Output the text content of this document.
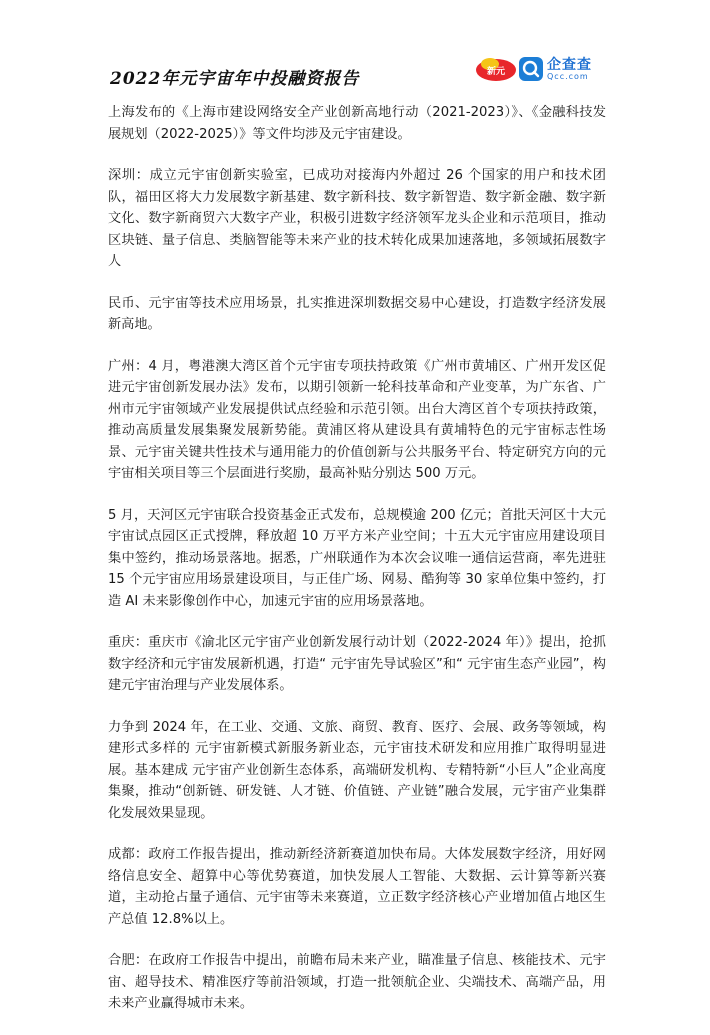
2022年元宇宙年中投融资报告	新元	企查查
Qcc.com

上海发布的《上海市建设网络安全产业创新高地行动（2021-2023）》、《金融科技发展规划（2022-2025）》等文件均涉及元宇宙建设。

深圳：成立元宇宙创新实验室，已成功对接海内外超过 26 个国家的用户和技术团队，福田区将大力发展数字新基建、数字新科技、数字新智造、数字新金融、数字新文化、数字新商贸六大数字产业，积极引进数字经济领军龙头企业和示范项目，推动区块链、量子信息、类脑智能等未来产业的技术转化成果加速落地，多领域拓展数字人

民币、元宇宙等技术应用场景，扎实推进深圳数据交易中心建设，打造数字经济发展新高地。

广州：4 月，粤港澳大湾区首个元宇宙专项扶持政策《广州市黄埔区、广州开发区促进元宇宙创新发展办法》发布，以期引领新一轮科技革命和产业变革，为广东省、广州市元宇宙领域产业发展提供试点经验和示范引领。出台大湾区首个专项扶持政策，推动高质量发展集聚发展新势能。黄浦区将从建设具有黄埔特色的元宇宙标志性场景、元宇宙关键共性技术与通用能力的价值创新与公共服务平台、特定研究方向的元宇宙相关项目等三个层面进行奖励，最高补贴分别达 500 万元。

5 月，天河区元宇宙联合投资基金正式发布，总规模逾 200 亿元；首批天河区十大元宇宙试点园区正式授牌，释放超 10 万平方米产业空间；十五大元宇宙应用建设项目集中签约，推动场景落地。据悉，广州联通作为本次会议唯一通信运营商，率先进驻 15 个元宇宙应用场景建设项目，与正佳广场、网易、酷狗等 30 家单位集中签约，打造 AI 未来影像创作中心，加速元宇宙的应用场景落地。

重庆：重庆市《渝北区元宇宙产业创新发展行动计划（2022-2024 年）》提出，抢抓数字经济和元宇宙发展新机遇，打造“ 元宇宙先导试验区”和“ 元宇宙生态产业园”，构建元宇宙治理与产业发展体系。

力争到 2024 年，在工业、交通、文旅、商贸、教育、医疗、会展、政务等领域，构建形式多样的 元宇宙新模式新服务新业态，元宇宙技术研发和应用推广取得明显进展。基本建成 元宇宙产业创新生态体系，高端研发机构、专精特新“小巨人”企业高度集聚，推动“创新链、研发链、人才链、价值链、产业链”融合发展，元宇宙产业集群化发展效果显现。

成都：政府工作报告提出，推动新经济新赛道加快布局。大体发展数字经济，用好网络信息安全、超算中心等优势赛道，加快发展人工智能、大数据、云计算等新兴赛道，主动抢占量子通信、元宇宙等未来赛道，立正数字经济核心产业增加值占地区生产总值 12.8%以上。

合肥：在政府工作报告中提出，前瞻布局未来产业，瞄准量子信息、核能技术、元宇宙、超导技术、精准医疗等前沿领域，打造一批领航企业、尖端技术、高端产品，用未来产业赢得城市未来。
